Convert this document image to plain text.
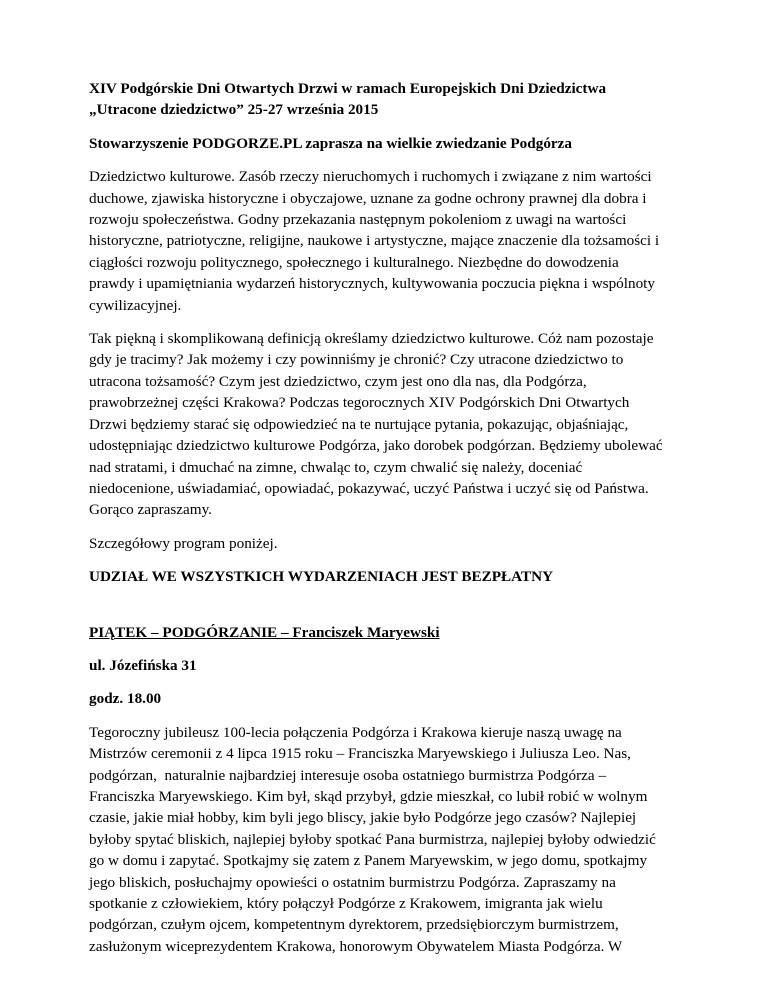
XIV Podgórskie Dni Otwartych Drzwi w ramach Europejskich Dni Dziedzictwa
„Utracone dziedzictwo” 25-27 września 2015

Stowarzyszenie PODGORZE.PL zaprasza na wielkie zwiedzanie Podgórza

Dziedzictwo kulturowe. Zasób rzeczy nieruchomych i ruchomych i związane z nim wartości
duchowe, zjawiska historyczne i obyczajowe, uznane za godne ochrony prawnej dla dobra i
rozwoju społeczeństwa. Godny przekazania następnym pokoleniom z uwagi na wartości
historyczne, patriotyczne, religijne, naukowe i artystyczne, mające znaczenie dla tożsamości i
ciągłości rozwoju politycznego, społecznego i kulturalnego. Niezbędne do dowodzenia
prawdy i upamiętniania wydarzeń historycznych, kultywowania poczucia piękna i wspólnoty
cywilizacyjnej.

Tak piękną i skomplikowaną definicją określamy dziedzictwo kulturowe. Cóż nam pozostaje
gdy je tracimy? Jak możemy i czy powinniśmy je chronić? Czy utracone dziedzictwo to
utracona tożsamość? Czym jest dziedzictwo, czym jest ono dla nas, dla Podgórza,
prawobrzeżnej części Krakowa? Podczas tegorocznych XIV Podgórskich Dni Otwartych
Drzwi będziemy starać się odpowiedzieć na te nurtujące pytania, pokazując, objaśniając,
udostępniając dziedzictwo kulturowe Podgórza, jako dorobek podgórzan. Będziemy ubolewać
nad stratami, i dmuchać na zimne, chwaląc to, czym chwalić się należy, doceniać
niedocenione, uświadamiać, opowiadać, pokazywać, uczyć Państwa i uczyć się od Państwa.
Gorąco zapraszamy.

Szczegółowy program poniżej.

UDZIAŁ WE WSZYSTKICH WYDARZENIACH JEST BEZPŁATNY

PIĄTEK – PODGÓRZANIE – Franciszek Maryewski

ul. Józefińska 31

godz. 18.00

Tegoroczny jubileusz 100-lecia połączenia Podgórza i Krakowa kieruje naszą uwagę na
Mistrzów ceremonii z 4 lipca 1915 roku – Franciszka Maryewskiego i Juliusza Leo. Nas,
podgórzan,  naturalnie najbardziej interesuje osoba ostatniego burmistrza Podgórza –
Franciszka Maryewskiego. Kim był, skąd przybył, gdzie mieszkał, co lubił robić w wolnym
czasie, jakie miał hobby, kim byli jego bliscy, jakie było Podgórze jego czasów? Najlepiej
byłoby spytać bliskich, najlepiej byłoby spotkać Pana burmistrza, najlepiej byłoby odwiedzić
go w domu i zapytać. Spotkajmy się zatem z Panem Maryewskim, w jego domu, spotkajmy
jego bliskich, posłuchajmy opowieści o ostatnim burmistrzu Podgórza. Zapraszamy na
spotkanie z człowiekiem, który połączył Podgórze z Krakowem, imigranta jak wielu
podgórzan, czułym ojcem, kompetentnym dyrektorem, przedsiębiorczym burmistrzem,
zasłużonym wiceprezydentem Krakowa, honorowym Obywatelem Miasta Podgórza. W
